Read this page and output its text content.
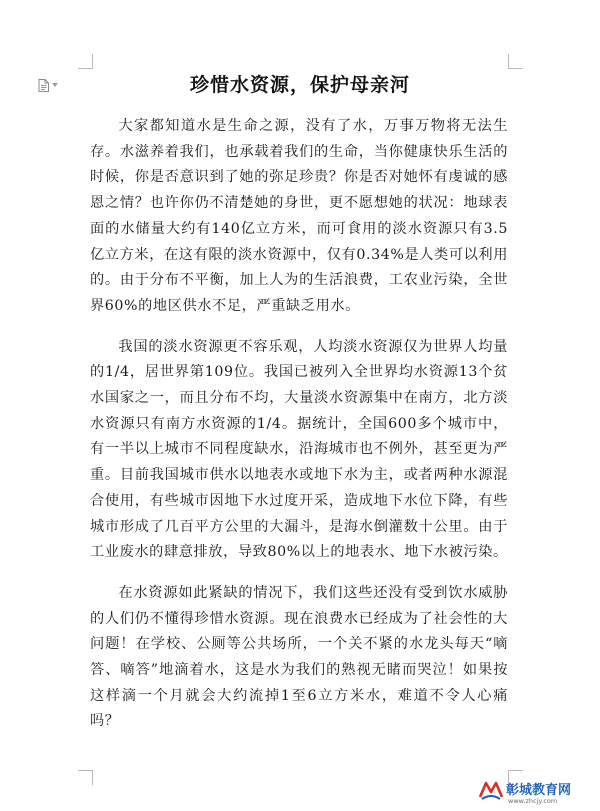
珍惜水资源，保护母亲河

大家都知道水是生命之源，没有了水，万事万物将无法生存。水滋养着我们，也承载着我们的生命，当你健康快乐生活的时候，你是否意识到了她的弥足珍贵？你是否对她怀有虔诚的感恩之情？也许你仍不清楚她的身世，更不愿想她的状况：地球表面的水储量大约有140亿立方米，而可食用的淡水资源只有3.5亿立方米，在这有限的淡水资源中，仅有0.34%是人类可以利用的。由于分布不平衡，加上人为的生活浪费，工农业污染，全世界60%的地区供水不足，严重缺乏用水。

我国的淡水资源更不容乐观，人均淡水资源仅为世界人均量的1/4，居世界第109位。我国已被列入全世界均水资源13个贫水国家之一，而且分布不均，大量淡水资源集中在南方，北方淡水资源只有南方水资源的1/4。据统计，全国600多个城市中，有一半以上城市不同程度缺水，沿海城市也不例外，甚至更为严重。目前我国城市供水以地表水或地下水为主，或者两种水源混合使用，有些城市因地下水过度开采，造成地下水位下降，有些城市形成了几百平方公里的大漏斗，是海水倒灌数十公里。由于工业废水的肆意排放，导致80%以上的地表水、地下水被污染。

在水资源如此紧缺的情况下，我们这些还没有受到饮水威胁的人们仍不懂得珍惜水资源。现在浪费水已经成为了社会性的大问题！在学校、公厕等公共场所，一个关不紧的水龙头每天“嘀答、嘀答”地滴着水，这是水为我们的熟视无睹而哭泣！如果按这样滴一个月就会大约流掉1至6立方米水，难道不令人心痛吗？

彰城教育网
www.zhcjy.com
